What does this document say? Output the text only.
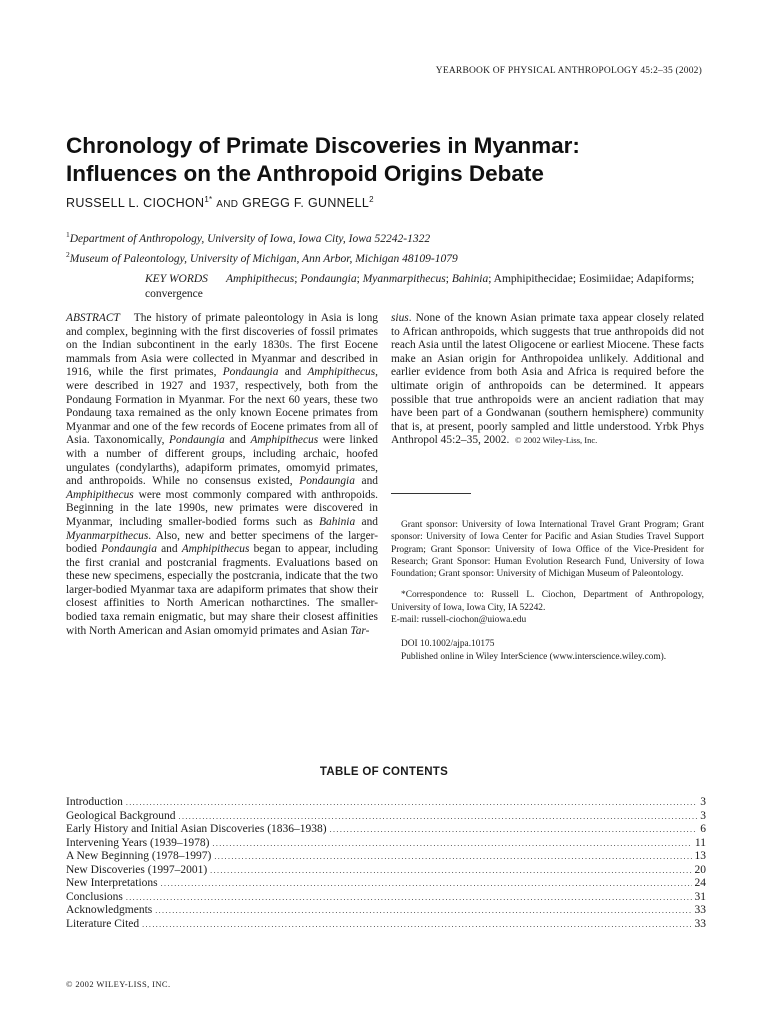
YEARBOOK OF PHYSICAL ANTHROPOLOGY 45:2–35 (2002)
Chronology of Primate Discoveries in Myanmar:
Influences on the Anthropoid Origins Debate
RUSSELL L. $CIOCHON^{1*}$ AND GREGG F. GUNNELL$^2$
$^1$Department of Anthropology, University of Iowa, Iowa City, Iowa 52242-1322
$^2$Museum of Paleontology, University of Michigan, Ann Arbor, Michigan 48109-1079
KEY WORDS Amphipithecus; Pondaungia; Myanmarpithecus; Bahinia; Amphipithecidae; Eosimiidae; Adapiforms; convergence
ABSTRACT The history of primate paleontology in Asia is long and complex, beginning with the first discoveries of fossil primates on the Indian subcontinent in the early 1830s. The first Eocene mammals from Asia were collected in Myanmar and described in 1916, while the first primates, Pondaungia and Amphipithecus, were described in 1927 and 1937, respectively, both from the Pondaung Formation in Myanmar. For the next 60 years, these two Pondaung taxa remained as the only known Eocene primates from Myanmar and one of the few records of Eocene primates from all of Asia. Taxonomically, Pondaungia and Amphipithecus were linked with a number of different groups, including archaic, hoofed ungulates (condylarths), adapiform primates, omomyid primates, and anthropoids. While no consensus existed, Pondaungia and Amphipithecus were most commonly compared with anthropoids. Beginning in the late 1990s, new primates were discovered in Myanmar, including smaller-bodied forms such as Bahinia and Myanmarpithecus. Also, new and better specimens of the larger-bodied Pondaungia and Amphipithecus began to appear, including the first cranial and postcranial fragments. Evaluations based on these new specimens, especially the postcrania, indicate that the two larger-bodied Myanmar taxa are adapiform primates that show their closest affinities to North American notharctines. The smaller-bodied taxa remain enigmatic, but may share their closest affinities with North American and Asian omomyid primates and Asian Tar-
sius. None of the known Asian primate taxa appear closely related to African anthropoids, which suggests that true anthropoids did not reach Asia until the latest Oligocene or earliest Miocene. These facts make an Asian origin for Anthropoidea unlikely. Additional and earlier evidence from both Asia and Africa is required before the ultimate origin of anthropoids can be determined. It appears possible that true anthropoids were an ancient radiation that may have been part of a Gondwanan (southern hemisphere) community that is, at present, poorly sampled and little understood. Yrbk Phys Anthropol 45:2–35, 2002. © 2002 Wiley-Liss, Inc.

Grant sponsor: University of Iowa International Travel Grant Program; Grant sponsor: University of Iowa Center for Pacific and Asian Studies Travel Support Program; Grant Sponsor: University of Iowa Office of the Vice-President for Research; Grant Sponsor: Human Evolution Research Fund, University of Iowa Foundation; Grant sponsor: University of Michigan Museum of Paleontology.

*Correspondence to: Russell L. Ciochon, Department of Anthropology, University of Iowa, Iowa City, IA 52242.
E-mail: russell-ciochon@uiowa.edu

DOI 10.1002/ajpa.10175

Published online in Wiley InterScience (www.interscience.wiley.com).

TABLE OF CONTENTS
Introduction .....	3
Geological Background .....	3
Early History and Initial Asian Discoveries (1836–1938) .....	6
Intervening Years (1939–1978) .....	11
A New Beginning (1978–1997) .....	13
New Discoveries (1997–2001) .....	20
New Interpretations .....	24
Conclusions .....	31
Acknowledgments .....	33
Literature Cited .....	33
© 2002 WILEY-LISS, INC.
